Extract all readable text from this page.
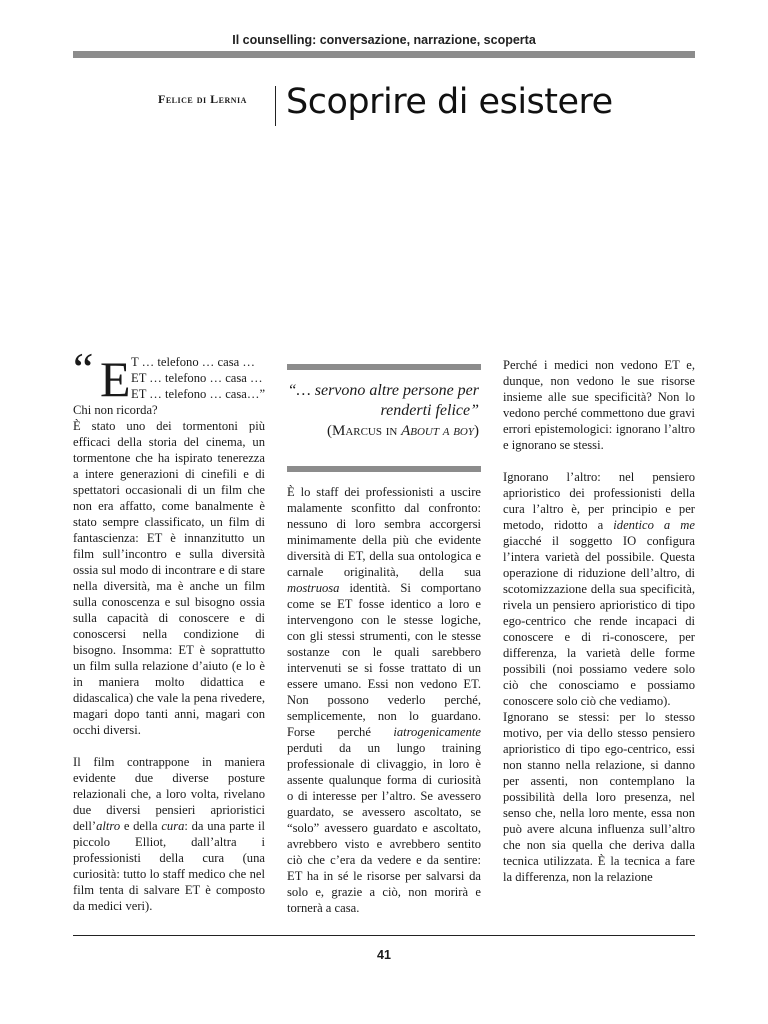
Il counselling: conversazione, narrazione, scoperta
Felice di Lernia Scoprire di esistere
“ E T … telefono … casa …
ET … telefono … casa …
ET … telefono … casa…”

Chi non ricorda?

È stato uno dei tormentoni più efficaci della storia del cinema, un tormentone che ha ispirato tenerezza a intere generazioni di cinefili e di spettatori occasionali di un film che non era affatto, come banalmente è stato sempre classificato, un film di fantascienza: ET è innanzitutto un film sull’incontro e sulla diversità ossia sul modo di incontrare e di stare nella diversità, ma è anche un film sulla conoscenza e sul bisogno ossia sulla capacità di conoscere e di conoscersi nella condizione di bisogno. Insomma: ET è soprattutto un film sulla relazione d’aiuto (e lo è in maniera molto didattica e didascalica) che vale la pena rivedere, magari dopo tanti anni, magari con occhi diversi.

Il film contrappone in maniera evidente due diverse posture relazionali che, a loro volta, rivelano due diversi pensieri aprioristici dell’altro e della cura: da una parte il piccolo Elliot, dall’altra i professionisti della cura (una curiosità: tutto lo staff medico che nel film tenta di salvare ET è composto da medici veri).

“… servono altre persone per renderti felice”
(Marcus in About a boy)

È lo staff dei professionisti a uscire malamente sconfitto dal confronto: nessuno di loro sembra accorgersi minimamente della più che evidente diversità di ET, della sua ontologica e carnale originalità, della sua mostruosa identità. Si comportano come se ET fosse identico a loro e intervengono con le stesse logiche, con gli stessi strumenti, con le stesse sostanze con le quali sarebbero intervenuti se si fosse trattato di un essere umano. Essi non vedono ET. Non possono vederlo perché, semplicemente, non lo guardano. Forse perché iatrogenicamente perduti da un lungo training professionale di clivaggio, in loro è assente qualunque forma di curiosità o di interesse per l’altro. Se avessero guardato, se avessero ascoltato, se “solo” avessero guardato e ascoltato, avrebbero visto e avrebbero sentito ciò che c’era da vedere e da sentire: ET ha in sé le risorse per salvarsi da solo e, grazie a ciò, non morirà e tornerà a casa.

Perché i medici non vedono ET e, dunque, non vedono le sue risorse insieme alle sue specificità? Non lo vedono perché commettono due gravi errori epistemologici: ignorano l’altro e ignorano se stessi.

Ignorano l’altro: nel pensiero aprioristico dei professionisti della cura l’altro è, per principio e per metodo, ridotto a identico a me giacché il soggetto IO configura l’intera varietà del possibile. Questa operazione di riduzione dell’altro, di scotomizzazione della sua specificità, rivela un pensiero aprioristico di tipo ego-centrico che rende incapaci di conoscere e di ri-conoscere, per differenza, la varietà delle forme possibili (noi possiamo vedere solo ciò che conosciamo e possiamo conoscere solo ciò che vediamo).

Ignorano se stessi: per lo stesso motivo, per via dello stesso pensiero aprioristico di tipo ego-centrico, essi non stanno nella relazione, si danno per assenti, non contemplano la possibilità della loro presenza, nel senso che, nella loro mente, essa non può avere alcuna influenza sull’altro che non sia quella che deriva dalla tecnica utilizzata. È la tecnica a fare la differenza, non la relazione

41
